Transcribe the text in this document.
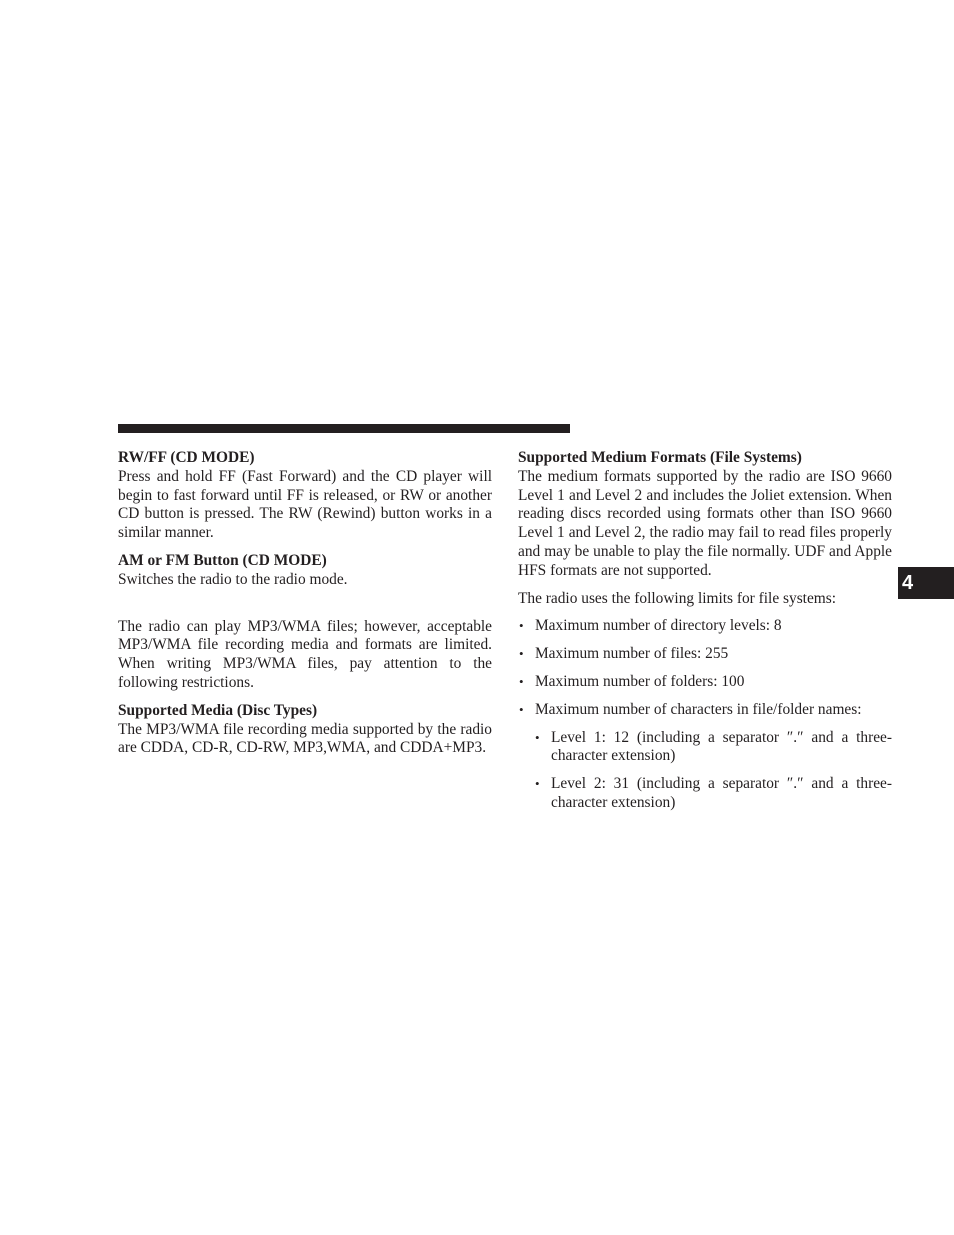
RW/FF (CD MODE)

Press and hold FF (Fast Forward) and the CD player will begin to fast forward until FF is released, or RW or another CD button is pressed. The RW (Rewind) button works in a similar manner.

AM or FM Button (CD MODE)

Switches the radio to the radio mode.

The radio can play MP3/WMA files; however, acceptable MP3/WMA file recording media and formats are limited. When writing MP3/WMA files, pay attention to the following restrictions.

Supported Media (Disc Types)

The MP3/WMA file recording media supported by the radio are CDDA, CD-R, CD-RW, MP3,WMA, and CDDA+MP3.

Supported Medium Formats (File Systems)

The medium formats supported by the radio are ISO 9660 Level 1 and Level 2 and includes the Joliet extension. When reading discs recorded using formats other than ISO 9660 Level 1 and Level 2, the radio may fail to read files properly and may be unable to play the file normally. UDF and Apple HFS formats are not supported.

The radio uses the following limits for file systems:

• Maximum number of directory levels: 8
• Maximum number of files: 255
• Maximum number of folders: 100
• Maximum number of characters in file/folder names:
• Level 1: 12 (including a separator ″.″ and a three-character extension)
• Level 2: 31 (including a separator ″.″ and a three-character extension)
4
